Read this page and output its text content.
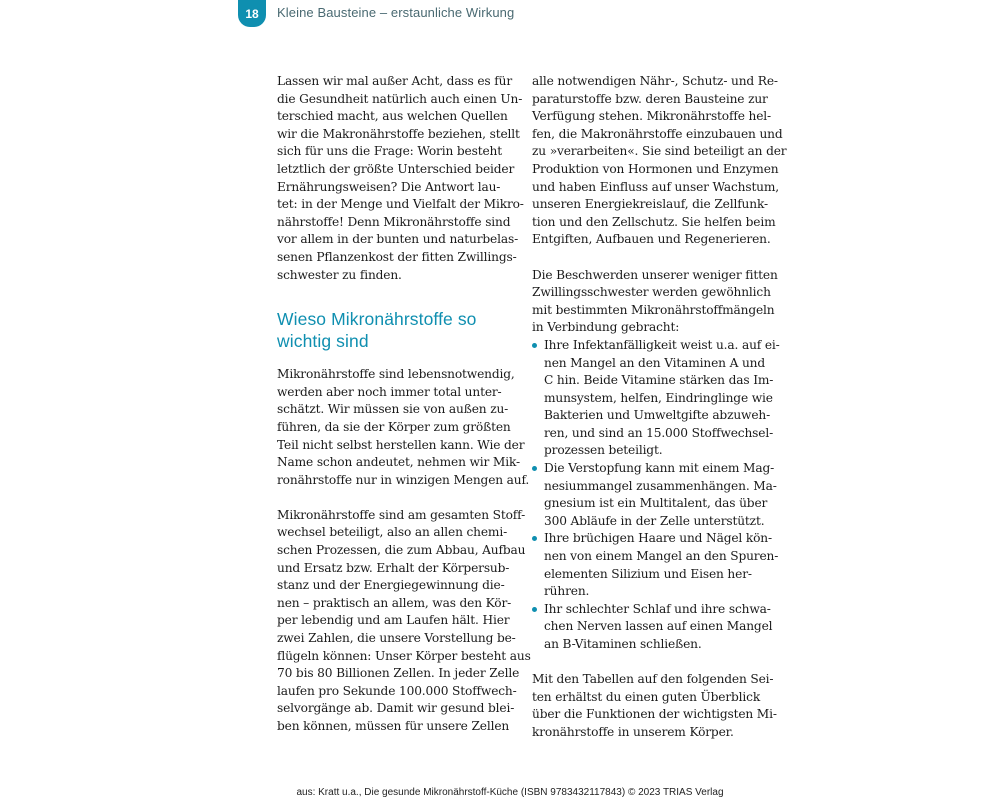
18 Kleine Bausteine – erstaunliche Wirkung

Lassen wir mal außer Acht, dass es für
die Gesundheit natürlich auch einen Un-
terschied macht, aus welchen Quellen
wir die Makronährstoffe beziehen, stellt
sich für uns die Frage: Worin besteht
letztlich der größte Unterschied beider
Ernährungsweisen? Die Antwort lau-
tet: in der Menge und Vielfalt der Mikro-
nährstoffe! Denn Mikronährstoffe sind
vor allem in der bunten und naturbelas-
senen Pflanzenkost der fitten Zwillings-
schwester zu finden.

Wieso Mikronährstoffe so
wichtig sind

Mikronährstoffe sind lebensnotwendig,
werden aber noch immer total unter-
schätzt. Wir müssen sie von außen zu-
führen, da sie der Körper zum größten
Teil nicht selbst herstellen kann. Wie der
Name schon andeutet, nehmen wir Mik-
ronährstoffe nur in winzigen Mengen auf.

Mikronährstoffe sind am gesamten Stoff-
wechsel beteiligt, also an allen chemi-
schen Prozessen, die zum Abbau, Aufbau
und Ersatz bzw. Erhalt der Körpersub-
stanz und der Energiegewinnung die-
nen – praktisch an allem, was den Kör-
per lebendig und am Laufen hält. Hier
zwei Zahlen, die unsere Vorstellung be-
flügeln können: Unser Körper besteht aus
70 bis 80 Billionen Zellen. In jeder Zelle
laufen pro Sekunde 100.000 Stoffwech-
selvorgänge ab. Damit wir gesund blei-
ben können, müssen für unsere Zellen

alle notwendigen Nähr-, Schutz- und Re-
paraturstoffe bzw. deren Bausteine zur
Verfügung stehen. Mikronährstoffe hel-
fen, die Makronährstoffe einzubauen und
zu »verarbeiten«. Sie sind beteiligt an der
Produktion von Hormonen und Enzymen
und haben Einfluss auf unser Wachstum,
unseren Energiekreislauf, die Zellfunk-
tion und den Zellschutz. Sie helfen beim
Entgiften, Aufbauen und Regenerieren.

Die Beschwerden unserer weniger fitten
Zwillingsschwester werden gewöhnlich
mit bestimmten Mikronährstoffmängeln
in Verbindung gebracht:

Ihre Infektanfälligkeit weist u.a. auf ei-
nen Mangel an den Vitaminen A und
C hin. Beide Vitamine stärken das Im-
munsystem, helfen, Eindringlinge wie
Bakterien und Umweltgifte abzuweh-
ren, und sind an 15.000 Stoffwechsel-
prozessen beteiligt.
Die Verstopfung kann mit einem Mag-
nesiummangel zusammenhängen. Ma-
gnesium ist ein Multitalent, das über
300 Abläufe in der Zelle unterstützt.
Ihre brüchigen Haare und Nägel kön-
nen von einem Mangel an den Spuren-
elementen Silizium und Eisen her-
rühren.
Ihr schlechter Schlaf und ihre schwa-
chen Nerven lassen auf einen Mangel
an B-Vitaminen schließen.

Mit den Tabellen auf den folgenden Sei-
ten erhältst du einen guten Überblick
über die Funktionen der wichtigsten Mi-
kronährstoffe in unserem Körper.

aus: Kratt u.a., Die gesunde Mikronährstoff-Küche (ISBN 9783432117843) © 2023 TRIAS Verlag
